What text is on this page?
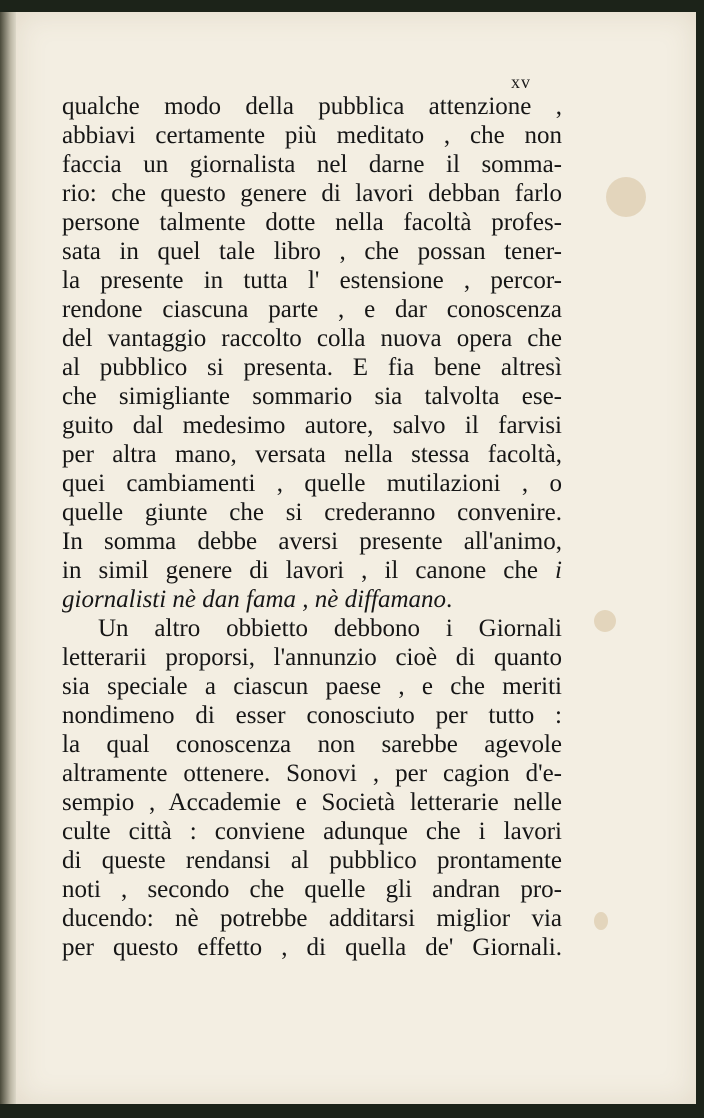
xv
qualche modo della pubblica attenzione ,
abbiavi certamente più meditato , che non
faccia un giornalista nel darne il somma-
rio: che questo genere di lavori debban farlo
persone talmente dotte nella facoltà profes-
sata in quel tale libro , che possan tener-
la presente in tutta l' estensione , percor-
rendone ciascuna parte , e dar conoscenza
del vantaggio raccolto colla nuova opera che
al pubblico si presenta. E fia bene altresì
che simigliante sommario sia talvolta ese-
guito dal medesimo autore, salvo il farvisi
per altra mano, versata nella stessa facoltà,
quei cambiamenti , quelle mutilazioni , o
quelle giunte che si crederanno convenire.
In somma debbe aversi presente all'animo,
in simil genere di lavori , il canone che i
giornalisti nè dan fama , nè diffamano.
Un altro obbietto debbono i Giornali
letterarii proporsi, l'annunzio cioè di quanto
sia speciale a ciascun paese , e che meriti
nondimeno di esser conosciuto per tutto :
la qual conoscenza non sarebbe agevole
altramente ottenere. Sonovi , per cagion d'e-
sempio , Accademie e Società letterarie nelle
culte città : conviene adunque che i lavori
di queste rendansi al pubblico prontamente
noti , secondo che quelle gli andran pro-
ducendo: nè potrebbe additarsi miglior via
per questo effetto , di quella de' Giornali.
